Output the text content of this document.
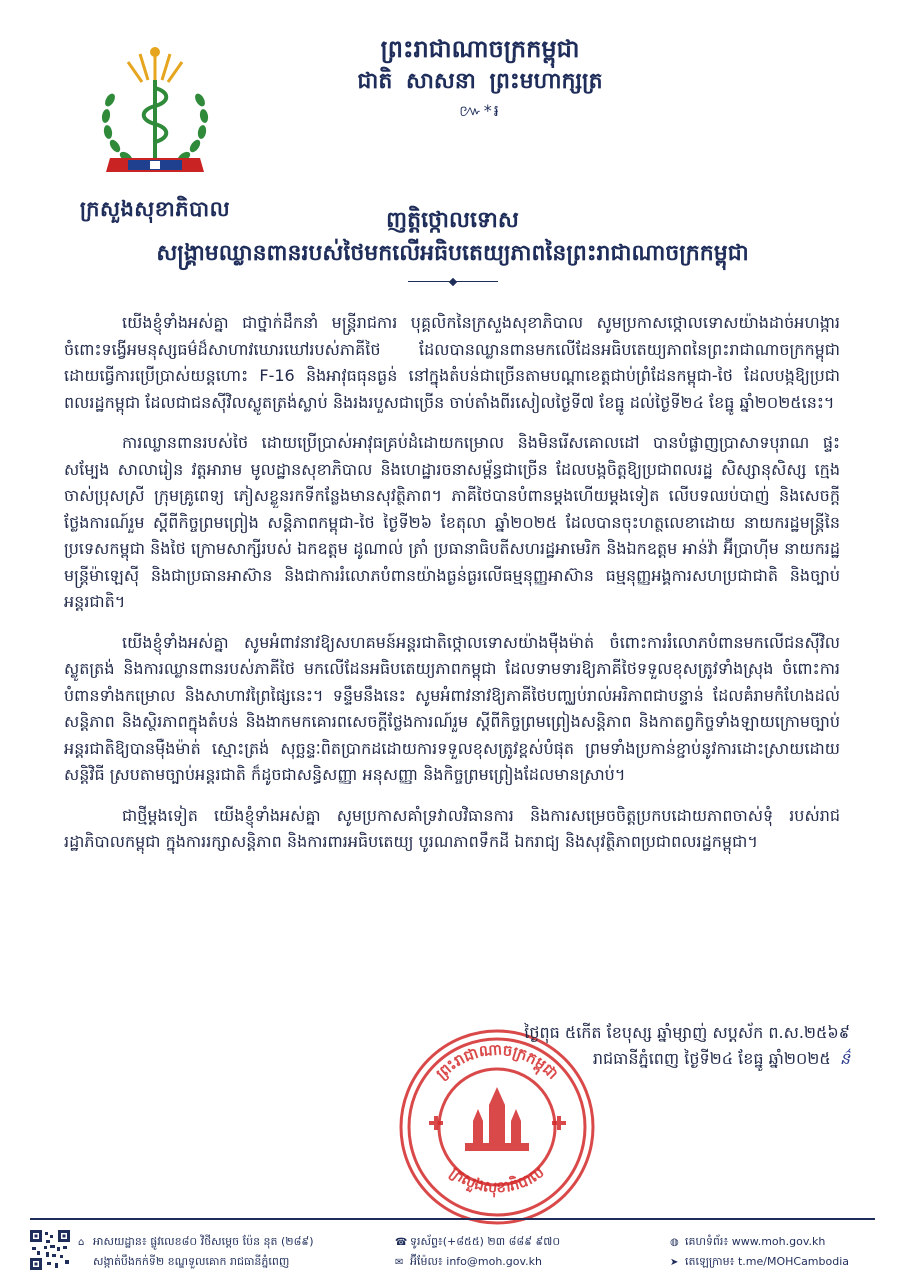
ក្រសួងសុខាភិបាល
ព្រះរាជាណាចក្រកម្ពុជា
ជាតិ សាសនា ព្រះមហាក្សត្រ
៚*៛
ញត្តិថ្កោលទោស
សង្គ្រាមឈ្លានពានរបស់ថៃមកលើអធិបតេយ្យភាពនៃព្រះរាជាណាចក្រកម្ពុជា

យើងខ្ញុំទាំងអស់គ្នា ជាថ្នាក់ដឹកនាំ មន្ត្រីរាជការ បុគ្គលិកនៃក្រសួងសុខាភិបាល សូមប្រកាសថ្កោលទោសយ៉ាងដាច់អហង្ការ ចំពោះទង្វើអមនុស្សធម៌ដ៏សាហាវឃោរឃៅរបស់ភាគីថៃ ដែលបានឈ្លានពានមកលើដែនអធិបតេយ្យភាពនៃព្រះរាជាណាចក្រកម្ពុជា ដោយធ្វើការប្រើប្រាស់យន្តហោះ F-16 និងអាវុធធុនធ្ងន់ នៅក្នុងតំបន់ជាច្រើនតាមបណ្តាខេត្តជាប់ព្រំដែនកម្ពុជា-ថៃ ដែលបង្កឱ្យប្រជាពលរដ្ឋកម្ពុជា ដែលជាជនស៊ីវិលស្លូតត្រង់ស្លាប់ និងរងរបួសជាច្រើន ចាប់តាំងពីរសៀលថ្ងៃទី៧ ខែធ្នូ ដល់ថ្ងៃទី២៤ ខែធ្នូ ឆ្នាំ២០២៥នេះ។

ការឈ្លានពានរបស់ថៃ ដោយប្រើប្រាស់អាវុធគ្រប់ដំដោយកម្រោល និងមិនរើសគោលដៅ បានបំផ្លាញប្រាសាទបុរាណ ផ្ទះសម្បែង សាលារៀន វត្តអារាម មូលដ្ឋានសុខាភិបាល និងហេដ្ឋារចនាសម្ព័ន្ធជាច្រើន ដែលបង្កចិត្តឱ្យប្រជាពលរដ្ឋ សិស្សានុសិស្ស ក្មេងចាស់ប្រុសស្រី ក្រុមគ្រូពេទ្យ ភៀសខ្លួនរកទីកន្លែងមានសុវត្ថិភាព។ ភាគីថៃបានបំពានម្តងហើយម្តងទៀត លើបទឈប់បាញ់ និងសេចក្តីថ្លែងការណ៍រួម ស្តីពីកិច្ចព្រមព្រៀង សន្តិភាពកម្ពុជា-ថៃ ថ្ងៃទី២៦ ខែតុលា ឆ្នាំ២០២៥ ដែលបានចុះហត្ថលេខាដោយ នាយករដ្ឋមន្ត្រីនៃប្រទេសកម្ពុជា និងថៃ ក្រោមសាក្សីរបស់ ឯកឧត្តម ដូណាល់ ត្រាំ ប្រធានាធិបតីសហរដ្ឋអាមេរិក និងឯកឧត្តម អាន់វ៉ា អ៊ីប្រាហ៊ីម នាយករដ្ឋមន្ត្រីម៉ាឡេស៊ី និងជាប្រធានអាស៊ាន និងជាការរំលោភបំពានយ៉ាងធ្ងន់ធ្ងរលើធម្មនុញ្ញអាស៊ាន ធម្មនុញ្ញអង្គការសហប្រជាជាតិ និងច្បាប់អន្តរជាតិ។

យើងខ្ញុំទាំងអស់គ្នា សូមអំពាវនាវឱ្យសហគមន៍អន្តរជាតិថ្កោលទោសយ៉ាងម៉ឺងម៉ាត់ ចំពោះការរំលោភបំពានមកលើជនស៊ីវិលស្លូតត្រង់ និងការឈ្លានពានរបស់ភាគីថៃ មកលើដែនអធិបតេយ្យភាពកម្ពុជា ដែលទាមទារឱ្យភាគីថៃទទួលខុសត្រូវទាំងស្រុង ចំពោះការបំពានទាំងកម្រោល និងសាហាវព្រៃផ្សៃនេះ។ ទន្ទឹមនឹងនេះ សូមអំពាវនាវឱ្យភាគីថៃបញ្ឈប់រាល់អរិភាពជាបន្ទាន់ ដែលគំរាមកំហែងដល់សន្តិភាព និងស្ថិរភាពក្នុងតំបន់ និងងាកមកគោរពសេចក្តីថ្លែងការណ៍រួម ស្តីពីកិច្ចព្រមព្រៀងសន្តិភាព និងកាតព្វកិច្ចទាំងឡាយក្រោមច្បាប់អន្តរជាតិឱ្យបានម៉ឺងម៉ាត់ ស្មោះត្រង់ សុច្ឆន្ទៈពិតប្រាកដដោយការទទួលខុសត្រូវខ្ពស់បំផុត ព្រមទាំងប្រកាន់ខ្ជាប់នូវការដោះស្រាយដោយសន្តិវិធី ស្របតាមច្បាប់អន្តរជាតិ ក៏ដូចជាសន្ធិសញ្ញា អនុសញ្ញា និងកិច្ចព្រមព្រៀងដែលមានស្រាប់។

ជាថ្មីម្តងទៀត យើងខ្ញុំទាំងអស់គ្នា សូមប្រកាសគាំទ្រវាលវិធានការ និងការសម្រេចចិត្តប្រកបដោយភាពចាស់ទុំ របស់រាជរដ្ឋាភិបាលកម្ពុជា ក្នុងការរក្សាសន្តិភាព និងការពារអធិបតេយ្យ បូរណភាពទឹកដី ឯករាជ្យ និងសុវត្ថិភាពប្រជាពលរដ្ឋកម្ពុជា។

ព្រះរាជាណាចក្រកម្ពុជា
ក្រសួងសុខាភិបាល
ថ្ងៃពុធ ៥កើត ខែបុស្ស ឆ្នាំម្សាញ់ សប្តស័ក ព.ស.២៥៦៩
រាជធានីភ្នំពេញ ថ្ងៃទី២៤ ខែធ្នូ ឆ្នាំ២០២៥ ន៌
⌂ អាសយដ្ឋាន៖ ផ្លូវលេខ៨០ វិថីសម្តេច ប៉ែន នុត (២៨៩)
សង្កាត់បឹងកក់ទី២ ខណ្ឌទួលគោក រាជធានីភ្នំពេញ
☎ ទូរស័ព្ទ៖(+៨៥៥) ២៣ ៨៨៩ ៩៧០
✉ អ៊ីម៉ែល៖ info@moh.gov.kh
◍ គេហទំព័រ៖ www.moh.gov.kh
➤ តេឡេក្រាម៖ t.me/MOHCambodia
